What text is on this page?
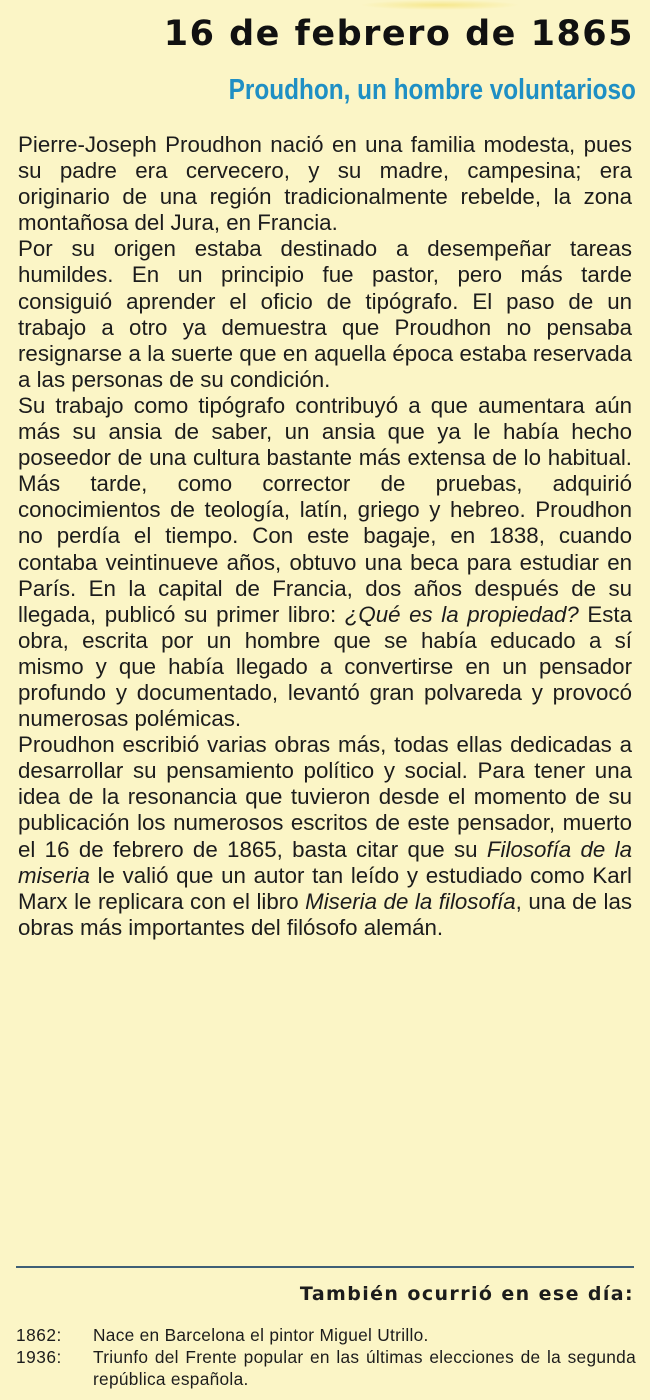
16 de febrero de 1865
Proudhon, un hombre voluntarioso

Pierre-Joseph Proudhon nació en una familia modesta, pues su padre era cervecero, y su madre, campesina; era originario de una región tradicionalmente rebelde, la zona montañosa del Jura, en Francia.

Por su origen estaba destinado a desempeñar tareas humildes. En un principio fue pastor, pero más tarde consiguió aprender el oficio de tipógrafo. El paso de un trabajo a otro ya demuestra que Proudhon no pensaba resignarse a la suerte que en aquella época estaba reservada a las personas de su condición.

Su trabajo como tipógrafo contribuyó a que aumentara aún más su ansia de saber, un ansia que ya le había hecho poseedor de una cultura bastante más extensa de lo habitual. Más tarde, como corrector de pruebas, adquirió conocimientos de teología, latín, griego y hebreo. Proudhon no perdía el tiempo. Con este bagaje, en 1838, cuando contaba veintinueve años, obtuvo una beca para estudiar en París. En la capital de Francia, dos años después de su llegada, publicó su primer libro: ¿Qué es la propiedad? Esta obra, escrita por un hombre que se había educado a sí mismo y que había llegado a convertirse en un pensador profundo y documentado, levantó gran polvareda y provocó numerosas polémicas.

Proudhon escribió varias obras más, todas ellas dedicadas a desarrollar su pensamiento político y social. Para tener una idea de la resonancia que tuvieron desde el momento de su publicación los numerosos escritos de este pensador, muerto el 16 de febrero de 1865, basta citar que su Filosofía de la miseria le valió que un autor tan leído y estudiado como Karl Marx le replicara con el libro Miseria de la filosofía, una de las obras más importantes del filósofo alemán.

También ocurrió en ese día:
1862:	Nace en Barcelona el pintor Miguel Utrillo.
1936:	Triunfo del Frente popular en las últimas elecciones de la segunda república española.
